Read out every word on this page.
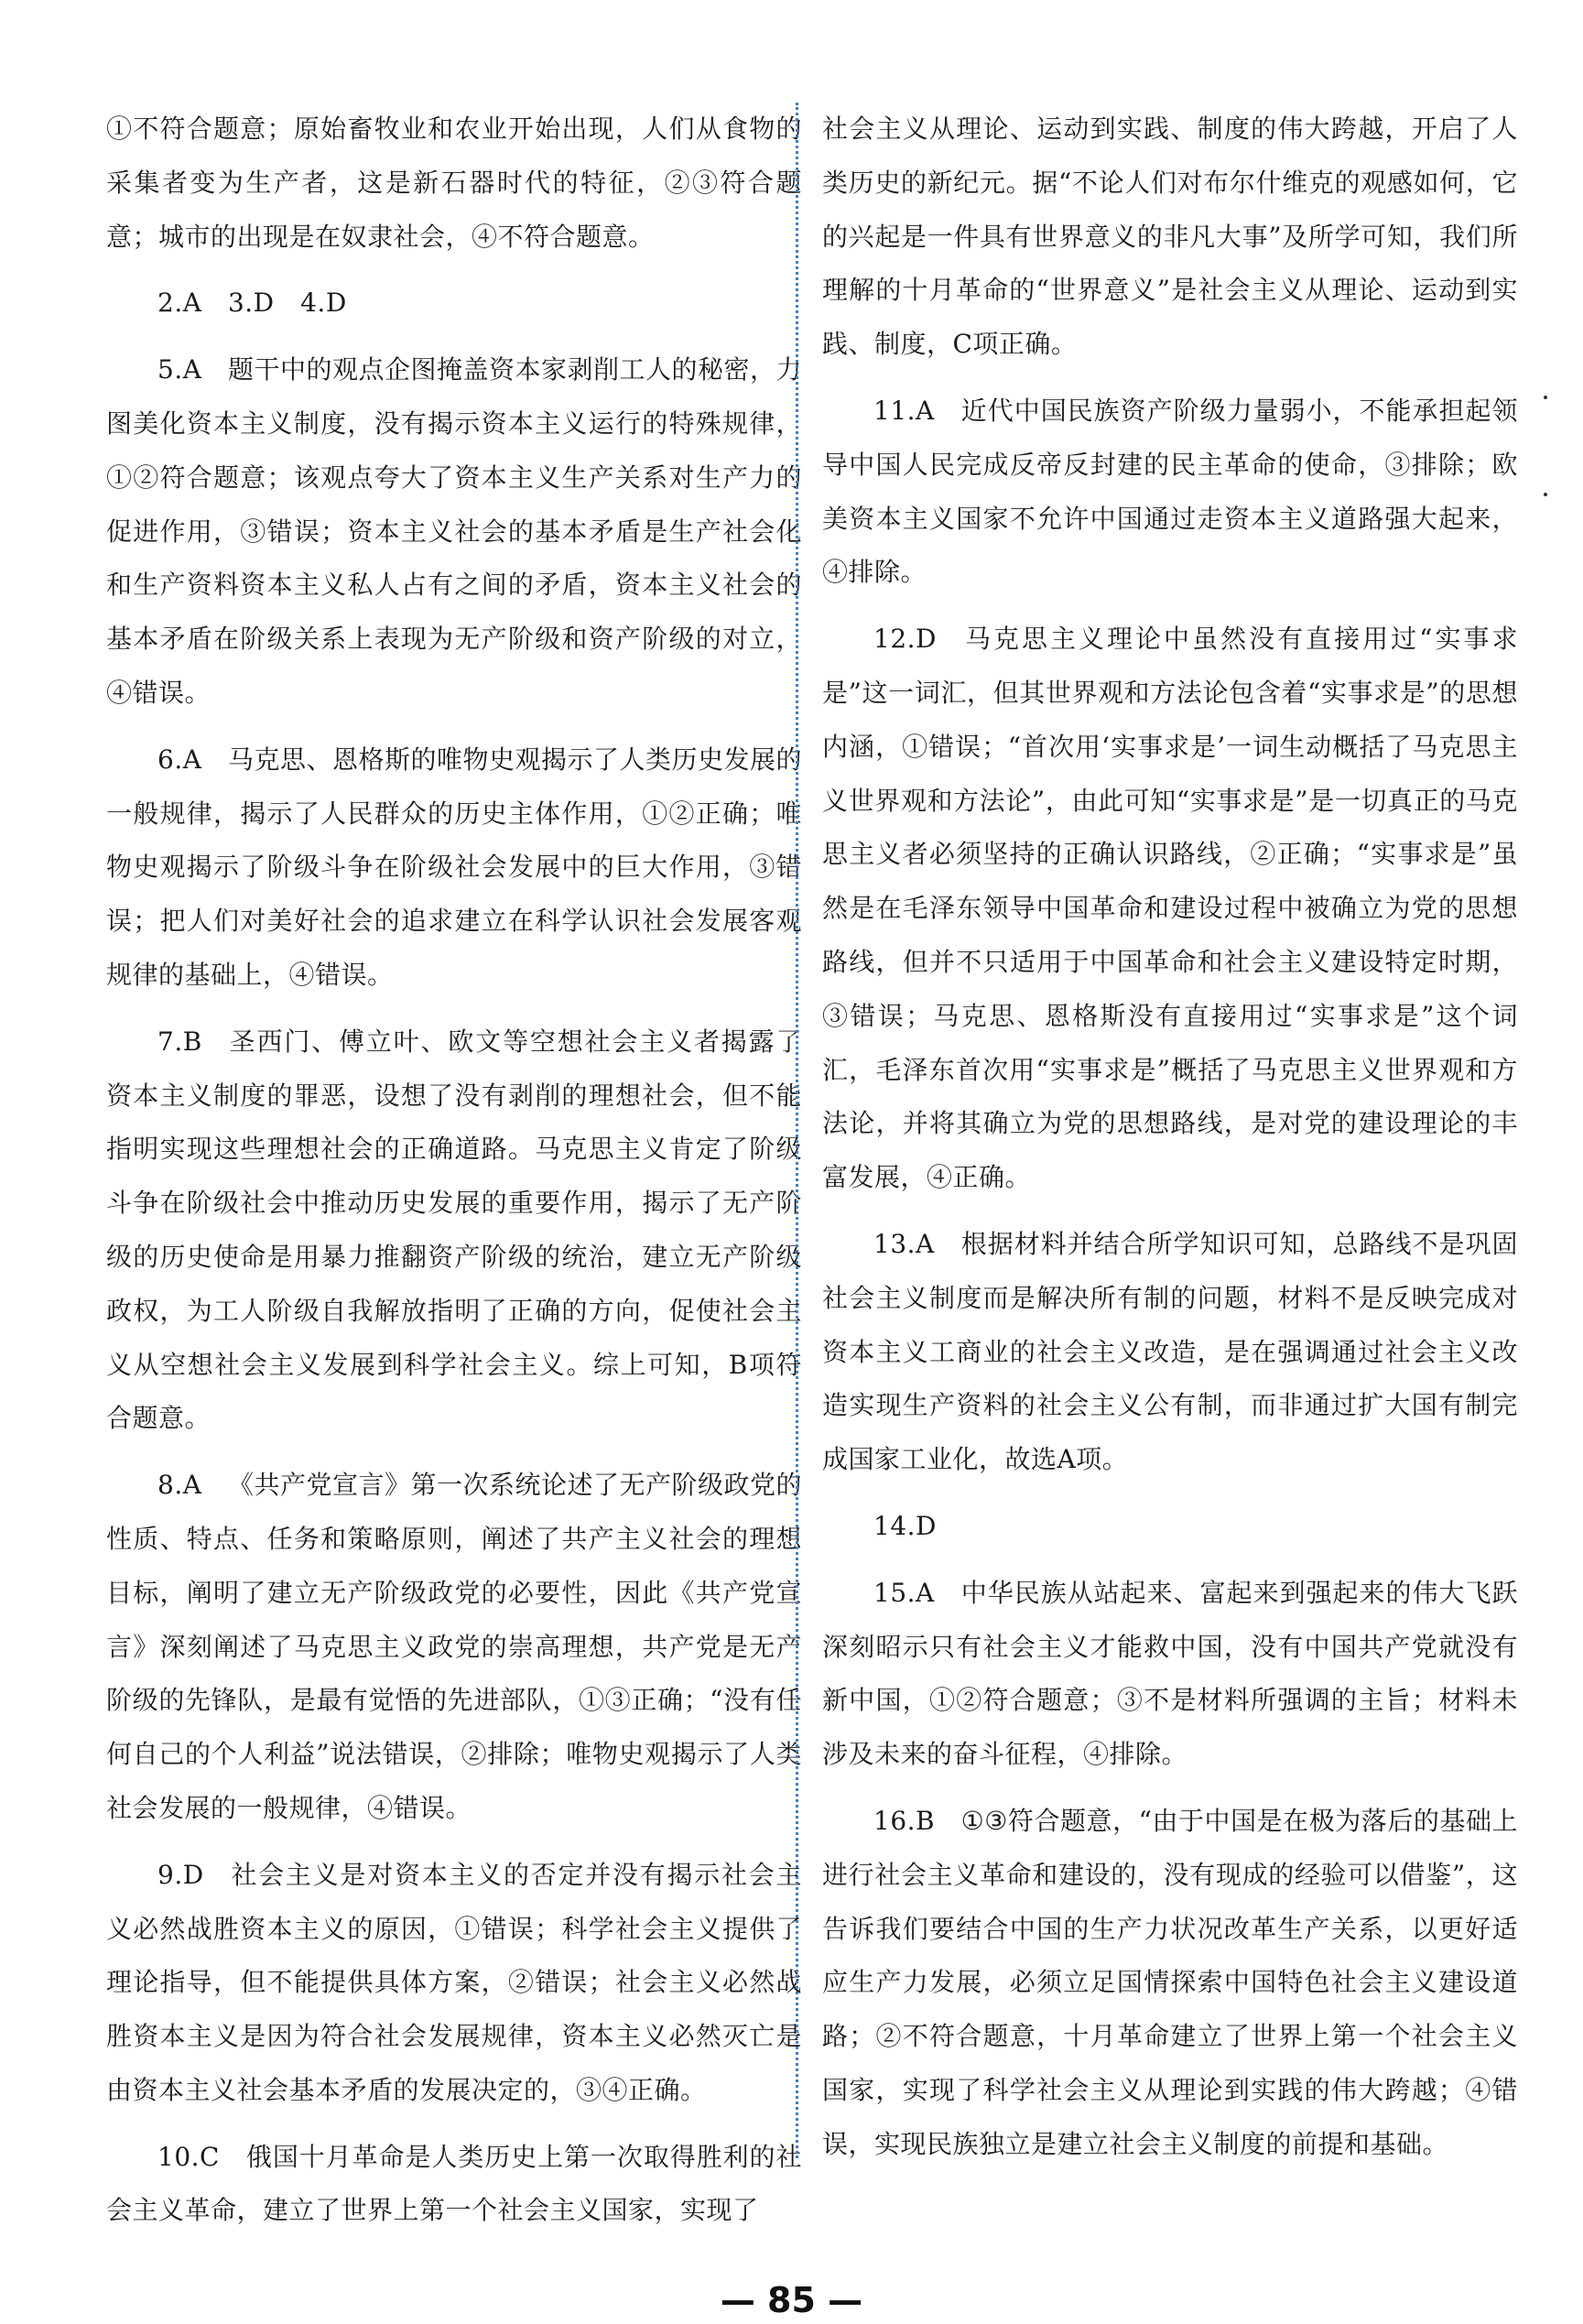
①不符合题意；原始畜牧业和农业开始出现，人们从食物的采集者变为生产者，这是新石器时代的特征，②③符合题意；城市的出现是在奴隶社会，④不符合题意。

2.A  3.D　4.D

5.A  题干中的观点企图掩盖资本家剥削工人的秘密，力图美化资本主义制度，没有揭示资本主义运行的特殊规律，①②符合题意；该观点夸大了资本主义生产关系对生产力的促进作用，③错误；资本主义社会的基本矛盾是生产社会化和生产资料资本主义私人占有之间的矛盾，资本主义社会的基本矛盾在阶级关系上表现为无产阶级和资产阶级的对立，④错误。

6.A  马克思、恩格斯的唯物史观揭示了人类历史发展的一般规律，揭示了人民群众的历史主体作用，①②正确；唯物史观揭示了阶级斗争在阶级社会发展中的巨大作用，③错误；把人们对美好社会的追求建立在科学认识社会发展客观规律的基础上，④错误。

7.B  圣西门、傅立叶、欧文等空想社会主义者揭露了资本主义制度的罪恶，设想了没有剥削的理想社会，但不能指明实现这些理想社会的正确道路。马克思主义肯定了阶级斗争在阶级社会中推动历史发展的重要作用，揭示了无产阶级的历史使命是用暴力推翻资产阶级的统治，建立无产阶级政权，为工人阶级自我解放指明了正确的方向，促使社会主义从空想社会主义发展到科学社会主义。综上可知，B项符合题意。

8.A  《共产党宣言》第一次系统论述了无产阶级政党的性质、特点、任务和策略原则，阐述了共产主义社会的理想目标，阐明了建立无产阶级政党的必要性，因此《共产党宣言》深刻阐述了马克思主义政党的崇高理想，共产党是无产阶级的先锋队，是最有觉悟的先进部队，①③正确；“没有任何自己的个人利益”说法错误，②排除；唯物史观揭示了人类社会发展的一般规律，④错误。

9.D  社会主义是对资本主义的否定并没有揭示社会主义必然战胜资本主义的原因，①错误；科学社会主义提供了理论指导，但不能提供具体方案，②错误；社会主义必然战胜资本主义是因为符合社会发展规律，资本主义必然灭亡是由资本主义社会基本矛盾的发展决定的，③④正确。

10.C  俄国十月革命是人类历史上第一次取得胜利的社会主义革命，建立了世界上第一个社会主义国家，实现了

社会主义从理论、运动到实践、制度的伟大跨越，开启了人类历史的新纪元。据“不论人们对布尔什维克的观感如何，它的兴起是一件具有世界意义的非凡大事”及所学可知，我们所理解的十月革命的“世界意义”是社会主义从理论、运动到实践、制度，C项正确。

11.A  近代中国民族资产阶级力量弱小，不能承担起领导中国人民完成反帝反封建的民主革命的使命，③排除；欧美资本主义国家不允许中国通过走资本主义道路强大起来，④排除。

12.D  马克思主义理论中虽然没有直接用过“实事求是”这一词汇，但其世界观和方法论包含着“实事求是”的思想内涵，①错误；“首次用‘实事求是’一词生动概括了马克思主义世界观和方法论”，由此可知“实事求是”是一切真正的马克思主义者必须坚持的正确认识路线，②正确；“实事求是”虽然是在毛泽东领导中国革命和建设过程中被确立为党的思想路线，但并不只适用于中国革命和社会主义建设特定时期，③错误；马克思、恩格斯没有直接用过“实事求是”这个词汇，毛泽东首次用“实事求是”概括了马克思主义世界观和方法论，并将其确立为党的思想路线，是对党的建设理论的丰富发展，④正确。

13.A  根据材料并结合所学知识可知，总路线不是巩固社会主义制度而是解决所有制的问题，材料不是反映完成对资本主义工商业的社会主义改造，是在强调通过社会主义改造实现生产资料的社会主义公有制，而非通过扩大国有制完成国家工业化，故选A项。

14.D 

15.A  中华民族从站起来、富起来到强起来的伟大飞跃深刻昭示只有社会主义才能救中国，没有中国共产党就没有新中国，①②符合题意；③不是材料所强调的主旨；材料未涉及未来的奋斗征程，④排除。

16.B  ①③符合题意，“由于中国是在极为落后的基础上进行社会主义革命和建设的，没有现成的经验可以借鉴”，这告诉我们要结合中国的生产力状况改革生产关系，以更好适应生产力发展，必须立足国情探索中国特色社会主义建设道路；②不符合题意，十月革命建立了世界上第一个社会主义国家，实现了科学社会主义从理论到实践的伟大跨越；④错误，实现民族独立是建立社会主义制度的前提和基础。

— 85 —
